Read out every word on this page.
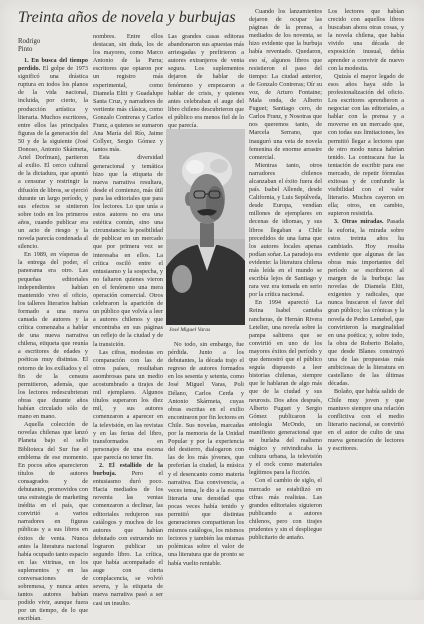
Treinta años de novela y burbujas
Rodrigo
Pinto

1. En busca del tiempo perdido. El golpe de 1973 significó una drástica ruptura en todos los planos de la vida nacional, incluida, por cierto, la producción artística y literaria. Muchos escritores, entre ellos las principales figuras de la generación del 50 y de la siguiente (José Donoso, Antonio Skármeta, Ariel Dorfman), partieron al exilio. El cerco cultural de la dictadura, que apuntó a censurar y restringir la difusión de libros, se ejerció durante un largo período, y sus efectos se sintieron sobre todo en los primeros años, cuando publicar era un acto de riesgo y la novela parecía condenada al silencio.

En 1989, en vísperas de la entrega del poder, el panorama era otro. Las pequeñas editoriales independientes habían mantenido vivo el oficio, los talleres literarios habían formado a una nueva camada de autores y la crítica comenzaba a hablar de una nueva narrativa chilena, etiqueta que reunía a escritores de edades y poéticas muy distintas. El retorno de los exiliados y el fin de la censura permitieron, además, que los lectores redescubrieran obras que durante años habían circulado sólo de mano en mano.

Aquella colección de novelas chilenas que lanzó Planeta bajo el sello Biblioteca del Sur fue el emblema de ese momento. En pocos años aparecieron títulos de autores consagrados y de debutantes, promovidos con una estrategia de marketing inédita en el país, que convirtió a varios narradores en figuras públicas y a sus libros en éxitos de venta. Nunca antes la literatura nacional había ocupado tanto espacio en las vitrinas, en los suplementos y en las conversaciones de sobremesa, y nunca antes tantos autores habían podido vivir, aunque fuera por un tiempo, de lo que escribían.

nombres. Entre ellos destacan, sin duda, los de los mayores, como Marco Antonio de la Parra; escritores que optaron por un registro más experimental, como Diamela Eltit y Guadalupe Santa Cruz, y narradores de vertiente más clásica, como Gonzalo Contreras y Carlos Franz, a quienes se sumaron Ana María del Río, Jaime Collyer, Sergio Gómez y tantos más.

Esta diversidad generacional y temática hizo que la etiqueta de nueva narrativa resultara, desde el comienzo, más útil para las editoriales que para los lectores. Lo que unía a estos autores no era una estética común, sino una circunstancia: la posibilidad de publicar en un mercado que por primera vez se interesaba en ellos. La crítica osciló entre el entusiasmo y la sospecha, y no faltaron quienes vieron en el fenómeno una mera operación comercial. Otros celebraron la aparición de un público que volvía a leer a autores chilenos y que encontraba en sus páginas un reflejo de la ciudad y de la transición.

Las cifras, modestas en comparación con las de otros países, resultaban asombrosas para un medio acostumbrado a tirajes de mil ejemplares. Algunos títulos superaron los diez mil, y sus autores comenzaron a aparecer en la televisión, en las revistas y en las ferias del libro, transformados en personajes de una escena que parecía no tener fin.

2. El estallido de la burbuja. Pero el entusiasmo duró poco. Hacia mediados de los noventa las ventas comenzaron a declinar, las editoriales redujeron sus catálogos y muchos de los autores que habían debutado con estruendo no lograron publicar un segundo libro. La crítica, que había acompañado el auge con cierta complacencia, se volvió severa, y la etiqueta de nueva narrativa pasó a ser casi un insulto.

Las grandes casas editoras abandonaron sus apuestas más arriesgadas y prefirieron a autores extranjeros de venta segura. Los suplementos dejaron de hablar de fenómeno y empezaron a hablar de crisis, y quienes antes celebraban el auge del libro chileno descubrieron que el público era menos fiel de lo que parecía.

José Miguel Varas

No todo, sin embargo, fue pérdida. Junto a los debutantes, la década trajo el regreso de autores formados en los sesenta y setenta, como José Miguel Varas, Poli Délano, Carlos Cerda y Antonio Skármeta, cuyas obras escritas en el exilio encontraron por fin lectores en Chile. Sus novelas, marcadas por la memoria de la Unidad Popular y por la experiencia del destierro, dialogaron con las de los más jóvenes, que preferían la ciudad, la música y el desencanto como materia narrativa. Esa convivencia, a veces tensa, le dio a la escena literaria una densidad que pocas veces había tenido y permitió que distintas generaciones compartieran los mismos catálogos, los mismos lectores y también las mismas polémicas sobre el valor de una literatura que de pronto se había vuelto rentable.

Cuando los lanzamientos dejaron de ocupar las páginas de la prensa, a mediados de los noventa, se hizo evidente que la burbuja había reventado. Quedaron, eso sí, algunos libros que resistieron el paso del tiempo: La ciudad anterior, de Gonzalo Contreras; Oír su voz, de Arturo Fontaine; Mala onda, de Alberto Fuguet; Santiago cero, de Carlos Franz, y Nosotras que nos queremos tanto, de Marcela Serrano, que inauguró una veta de novela femenina de enorme arrastre comercial.

Mientras tanto, otros narradores chilenos alcanzaban el éxito fuera del país. Isabel Allende, desde California, y Luis Sepúlveda, desde Europa, vendían millones de ejemplares en decenas de idiomas, y sus libros llegaban a Chile precedidos de una fama que los autores locales apenas podían soñar. La paradoja era evidente: la literatura chilena más leída en el mundo se escribía lejos de Santiago y rara vez era tomada en serio por la crítica nacional.

En 1994 apareció La Reina Isabel cantaba rancheras, de Hernán Rivera Letelier, una novela sobre la pampa salitrera que se convirtió en uno de los mayores éxitos del período y que demostró que el público seguía dispuesto a leer historias chilenas, siempre que le hablaran de algo más que de la ciudad y sus neurosis. Dos años después, Alberto Fuguet y Sergio Gómez publicaron la antología McOndo, un manifiesto generacional que se burlaba del realismo mágico y reivindicaba la cultura urbana, la televisión y el rock como materiales legítimos para la ficción.

Con el cambio de siglo, el mercado se estabilizó en cifras más realistas. Las grandes editoriales siguieron publicando a autores chilenos, pero con tirajes prudentes y sin el despliegue publicitario de antaño.

Los lectores que habían crecido con aquellos libros buscaban ahora otras cosas, y la novela chilena, que había vivido una década de exposición inusual, debía aprender a convivir de nuevo con la modestia.

Quizás el mayor legado de esos años haya sido la profesionalización del oficio. Los escritores aprendieron a negociar con las editoriales, a hablar con la prensa y a moverse en un mercado que, con todas sus limitaciones, les permitió llegar a lectores que de otro modo nunca habrían tenido. La contracara fue la tentación de escribir para ese mercado, de repetir fórmulas exitosas y de confundir la visibilidad con el valor literario. Muchos cayeron en ella; otros, en cambio, supieron resistirla.

3. Otras miradas. Pasada la euforia, la mirada sobre estos treinta años ha cambiado. Hoy resulta evidente que algunas de las obras más importantes del período se escribieron al margen de la burbuja: las novelas de Diamela Eltit, exigentes y radicales, que nunca buscaron el favor del gran público; las crónicas y la novela de Pedro Lemebel, que convirtieron la marginalidad en una poética; y, sobre todo, la obra de Roberto Bolaño, que desde Blanes construyó una de las propuestas más ambiciosas de la literatura en castellano de las últimas décadas.

Bolaño, que había salido de Chile muy joven y que mantuvo siempre una relación conflictiva con el medio literario nacional, se convirtió en el autor de culto de una nueva generación de lectores y escritores.
